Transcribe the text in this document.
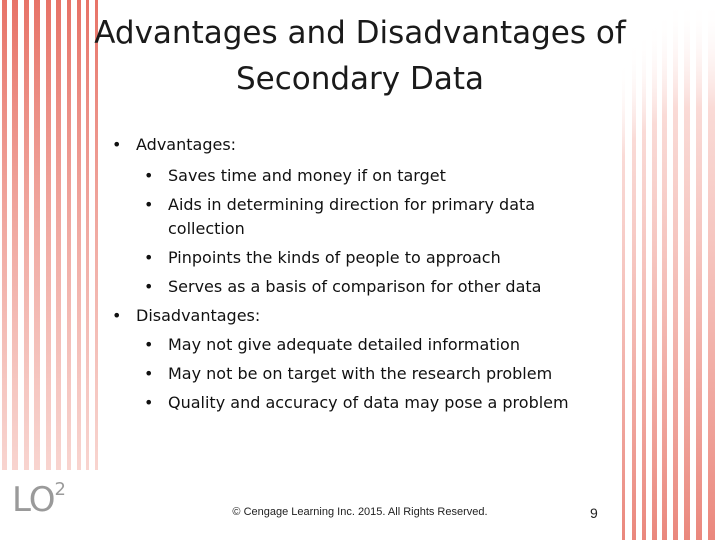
Advantages and Disadvantages of
Secondary Data
• Advantages:
• Saves time and money if on target
• Aids in determining direction for primary data
collection
• Pinpoints the kinds of people to approach
• Serves as a basis of comparison for other data
• Disadvantages:
• May not give adequate detailed information
• May not be on target with the research problem
• Quality and accuracy of data may pose a problem
$LO^2$
© Cengage Learning Inc. 2015. All Rights Reserved.	9
